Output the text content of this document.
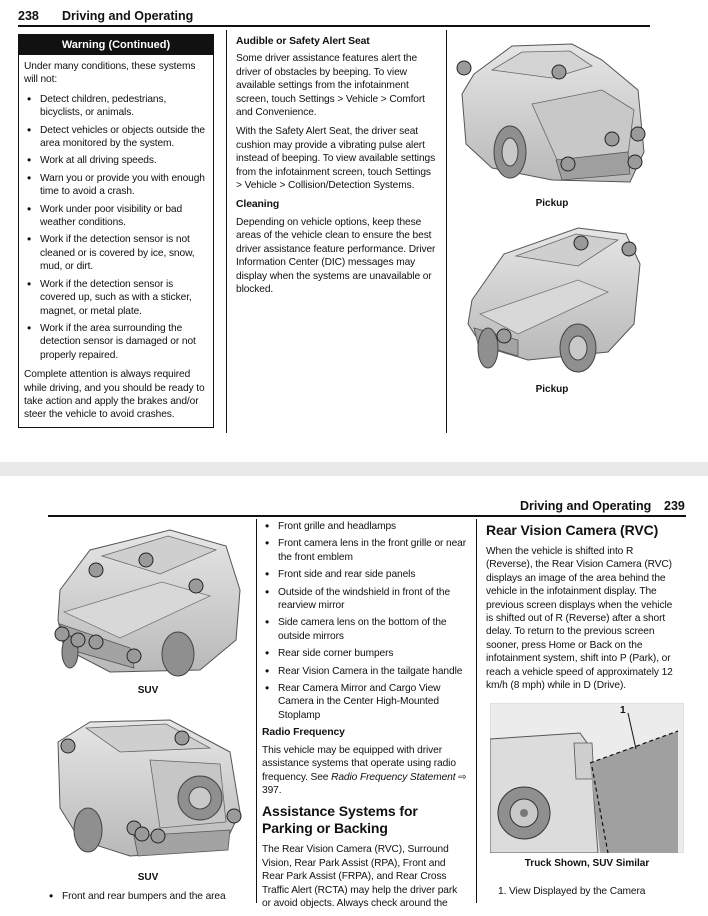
238 Driving and Operating
Warning (Continued)
Under many conditions, these systems will not:
• Detect children, pedestrians, bicyclists, or animals.
• Detect vehicles or objects outside the area monitored by the system.
• Work at all driving speeds.
• Warn you or provide you with enough time to avoid a crash.
• Work under poor visibility or bad weather conditions.
• Work if the detection sensor is not cleaned or is covered by ice, snow, mud, or dirt.
• Work if the detection sensor is covered up, such as with a sticker, magnet, or metal plate.
• Work if the area surrounding the detection sensor is damaged or not properly repaired.
Complete attention is always required while driving, and you should be ready to take action and apply the brakes and/or steer the vehicle to avoid crashes.
Audible or Safety Alert Seat
Some driver assistance features alert the driver of obstacles by beeping. To view available settings from the infotainment screen, touch Settings > Vehicle > Comfort and Convenience.
With the Safety Alert Seat, the driver seat cushion may provide a vibrating pulse alert instead of beeping. To view available settings from the infotainment screen, touch Settings > Vehicle > Collision/Detection Systems.
Cleaning
Depending on vehicle options, keep these areas of the vehicle clean to ensure the best driver assistance feature performance. Driver Information Center (DIC) messages may display when the systems are unavailable or blocked.
Pickup
Pickup
Driving and Operating 239
SUV
SUV
• Front and rear bumpers and the area
• Front grille and headlamps
• Front camera lens in the front grille or near the front emblem
• Front side and rear side panels
• Outside of the windshield in front of the rearview mirror
• Side camera lens on the bottom of the outside mirrors
• Rear side corner bumpers
• Rear Vision Camera in the tailgate handle
• Rear Camera Mirror and Cargo View Camera in the Center High-Mounted Stoplamp
Radio Frequency
This vehicle may be equipped with driver assistance systems that operate using radio frequency. See Radio Frequency Statement ⇨ 397.
Assistance Systems for Parking or Backing
The Rear Vision Camera (RVC), Surround Vision, Rear Park Assist (RPA), Front and Rear Park Assist (FRPA), and Rear Cross Traffic Alert (RCTA) may help the driver park or avoid objects. Always check around the
Rear Vision Camera (RVC)
When the vehicle is shifted into R (Reverse), the Rear Vision Camera (RVC) displays an image of the area behind the vehicle in the infotainment display. The previous screen displays when the vehicle is shifted out of R (Reverse) after a short delay. To return to the previous screen sooner, press Home or Back on the infotainment system, shift into P (Park), or reach a vehicle speed of approximately 12 km/h (8 mph) while in D (Drive).
1
Truck Shown, SUV Similar
1. View Displayed by the Camera
